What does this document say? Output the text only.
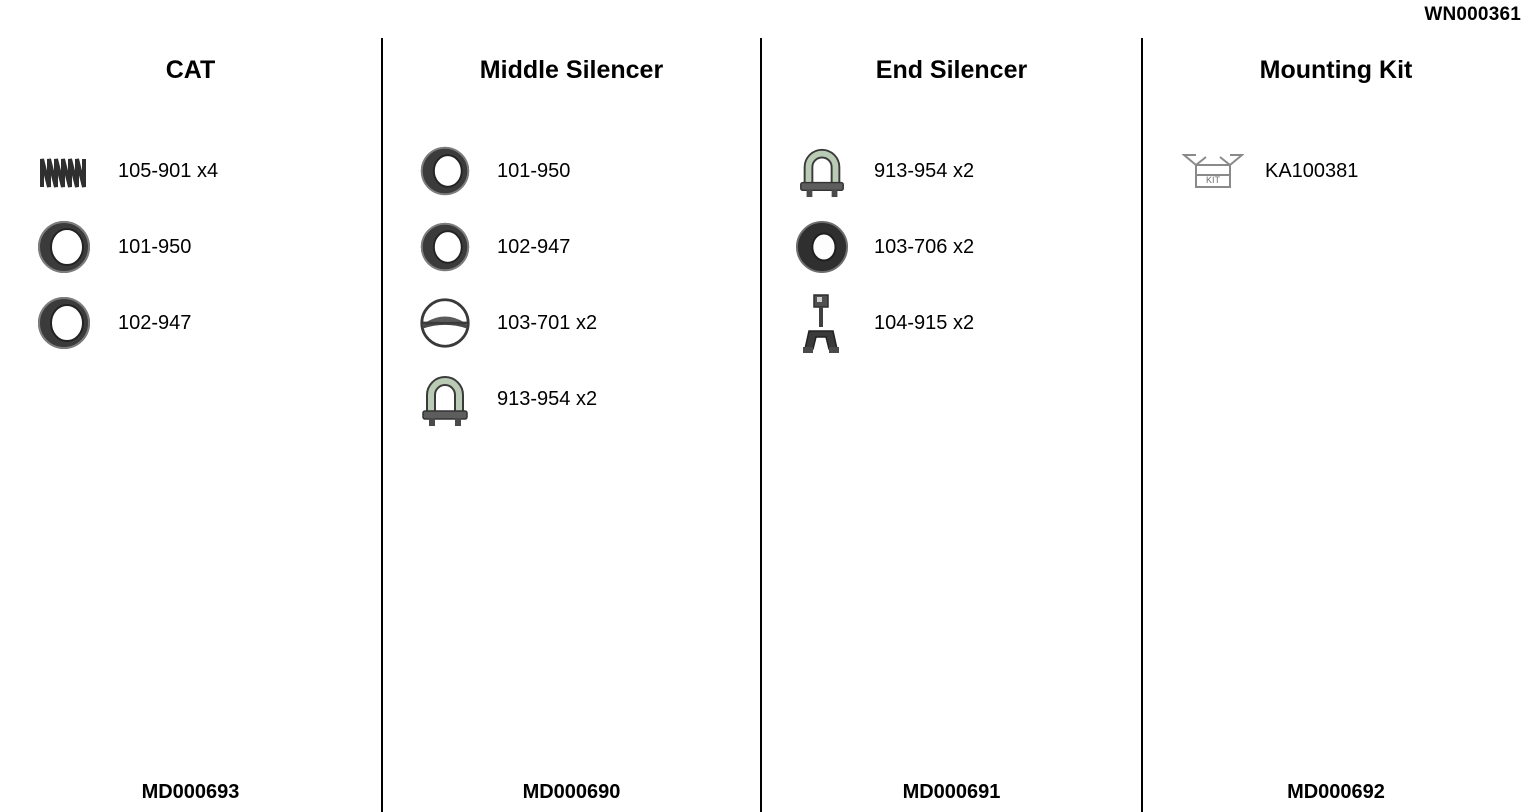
WN000361
CAT
105-901 x4
101-950
102-947
MD000693
Middle Silencer
101-950
102-947
103-701 x2
913-954 x2
MD000690
End Silencer
913-954 x2
103-706 x2
104-915 x2
MD000691
Mounting Kit
KIT KA100381
MD000692
